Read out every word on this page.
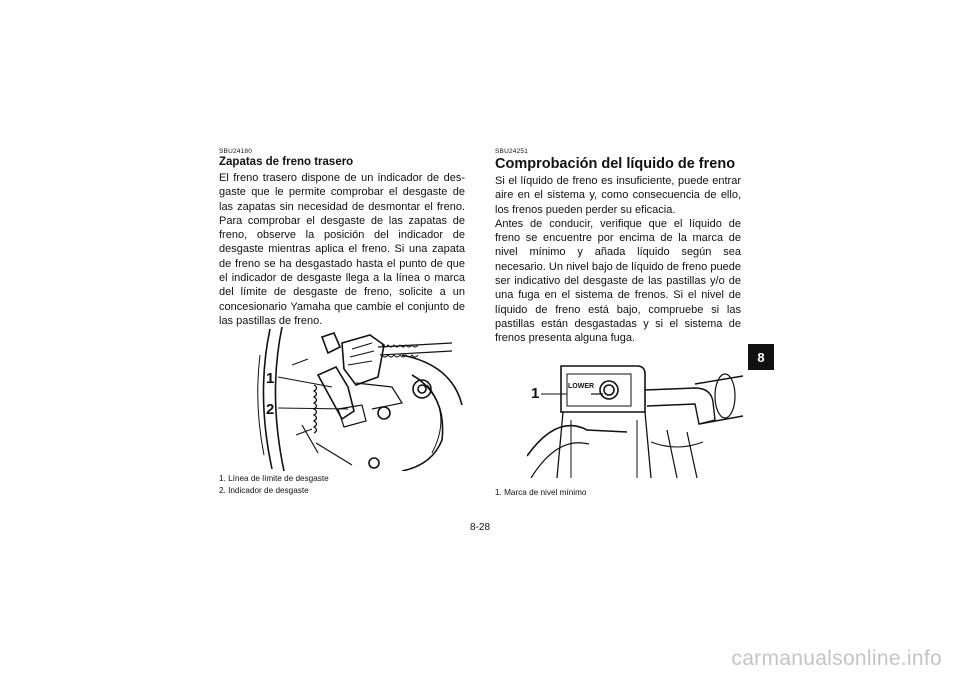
SBU24180
Zapatas de freno trasero

El freno trasero dispone de un indicador de desgaste que le permite comprobar el desgaste de las zapatas sin necesidad de desmontar el freno. Para comprobar el desgaste de las zapatas de freno, observe la posición del indicador de desgaste mientras aplica el freno. Si una zapata de freno se ha desgastado hasta el punto de que el indicador de desgaste llega a la línea o marca del límite de desgaste de freno, solicite a un concesionario Yamaha que cambie el conjunto de las pastillas de freno.

1
2
1. Línea de límite de desgaste
2. Indicador de desgaste
SBU24251
Comprobación del líquido de freno

Si el líquido de freno es insuficiente, puede entrar aire en el sistema y, como consecuencia de ello, los frenos pueden perder su eficacia.

Antes de conducir, verifique que el líquido de freno se encuentre por encima de la marca de nivel mínimo y añada líquido según sea necesario. Un nivel bajo de líquido de freno puede ser indicativo del desgaste de las pastillas y/o de una fuga en el sistema de frenos. Si el nivel de líquido de freno está bajo, compruebe si las pastillas están desgastadas y si el sistema de frenos presenta alguna fuga.

LOWER
1
1. Marca de nivel mínimo
8
8-28
carmanualsonline.info
